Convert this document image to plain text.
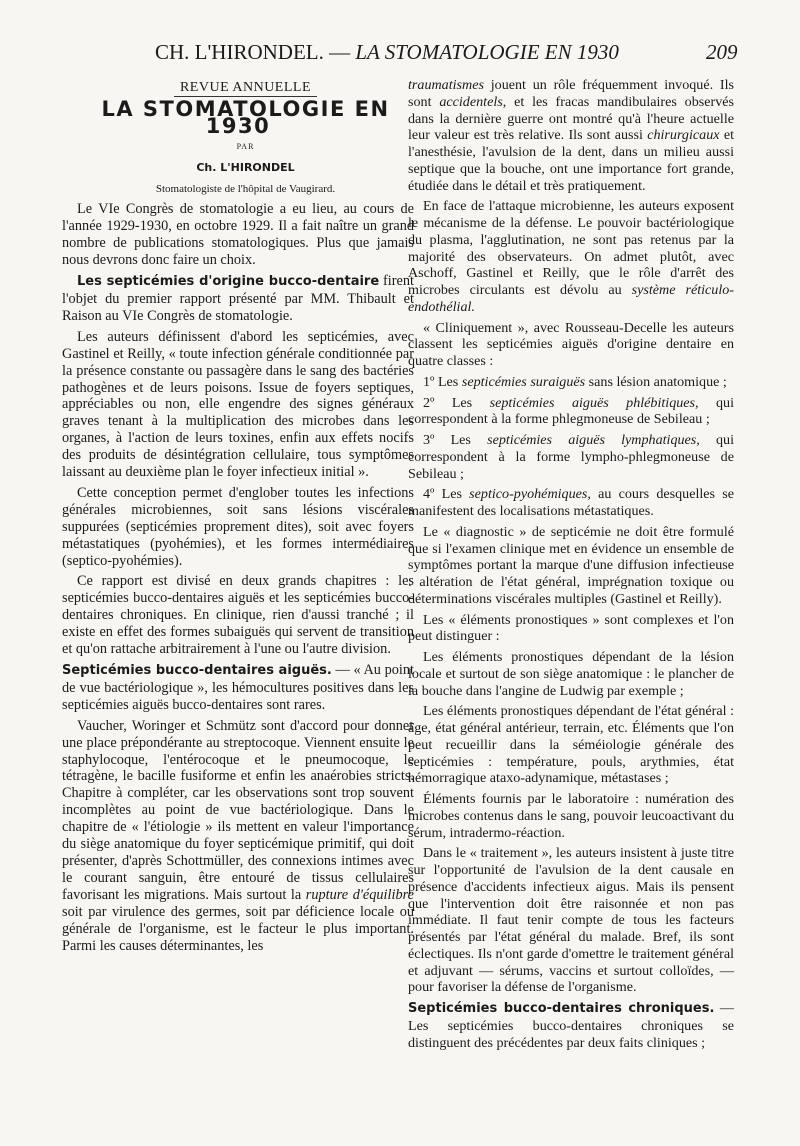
CH. L'HIRONDEL. — LA STOMATOLOGIE EN 1930	209

REVUE ANNUELLE

LA STOMATOLOGIE EN 1930

PAR

Ch. L'HIRONDEL

Stomatologiste de l'hôpital de Vaugirard.

Le VIe Congrès de stomatologie a eu lieu, au cours de l'année 1929-1930, en octobre 1929. Il a fait naître un grand nombre de publications stomatologiques. Plus que jamais nous devrons donc faire un choix.

Les septicémies d'origine bucco-dentaire firent l'objet du premier rapport présenté par MM. Thibault et Raison au VIe Congrès de stomatologie.

Les auteurs définissent d'abord les septicémies, avec Gastinel et Reilly, « toute infection générale conditionnée par la présence constante ou passagère dans le sang des bactéries pathogènes et de leurs poisons. Issue de foyers septiques, appréciables ou non, elle engendre des signes généraux graves tenant à la multiplication des microbes dans les organes, à l'action de leurs toxines, enfin aux effets nocifs des produits de désintégration cellulaire, tous symptômes laissant au deuxième plan le foyer infectieux initial ».

Cette conception permet d'englober toutes les infections générales microbiennes, soit sans lésions viscérales suppurées (septicémies proprement dites), soit avec foyers métastatiques (pyohémies), et les formes intermédiaires (septico-pyohémies).

Ce rapport est divisé en deux grands chapitres : les septicémies bucco-dentaires aiguës et les septicémies bucco-dentaires chroniques. En clinique, rien d'aussi tranché ; il existe en effet des formes subaiguës qui servent de transition et qu'on rattache arbitrairement à l'une ou l'autre division.

Septicémies bucco-dentaires aiguës. — « Au point de vue bactériologique », les hémocultures positives dans les septicémies aiguës bucco-dentaires sont rares.

Vaucher, Woringer et Schmütz sont d'accord pour donner une place prépondérante au streptocoque. Viennent ensuite le staphylocoque, l'entérocoque et le pneumocoque, le tétragène, le bacille fusiforme et enfin les anaérobies stricts. Chapitre à compléter, car les observations sont trop souvent incomplètes au point de vue bactériologique. Dans le chapitre de « l'étiologie » ils mettent en valeur l'importance du siège anatomique du foyer septicémique primitif, qui doit présenter, d'après Schottmüller, des connexions intimes avec le courant sanguin, être entouré de tissus cellulaires favorisant les migrations. Mais surtout la rupture d'équilibre soit par virulence des germes, soit par déficience locale ou générale de l'organisme, est le facteur le plus important. Parmi les causes déterminantes, les

traumatismes jouent un rôle fréquemment invoqué. Ils sont accidentels, et les fracas mandibulaires observés dans la dernière guerre ont montré qu'à l'heure actuelle leur valeur est très relative. Ils sont aussi chirurgicaux et l'anesthésie, l'avulsion de la dent, dans un milieu aussi septique que la bouche, ont une importance fort grande, étudiée dans le détail et très pratiquement.

En face de l'attaque microbienne, les auteurs exposent le mécanisme de la défense. Le pouvoir bactériologique du plasma, l'agglutination, ne sont pas retenus par la majorité des observateurs. On admet plutôt, avec Aschoff, Gastinel et Reilly, que le rôle d'arrêt des microbes circulants est dévolu au système réticulo-endothélial.

« Cliniquement », avec Rousseau-Decelle les auteurs classent les septicémies aiguës d'origine dentaire en quatre classes :

1º Les septicémies suraiguës sans lésion anatomique ;

2º Les septicémies aiguës phlébitiques, qui correspondent à la forme phlegmoneuse de Sebileau ;

3º Les septicémies aiguës lymphatiques, qui correspondent à la forme lympho-phlegmoneuse de Sebileau ;

4º Les septico-pyohémiques, au cours desquelles se manifestent des localisations métastatiques.

Le « diagnostic » de septicémie ne doit être formulé que si l'examen clinique met en évidence un ensemble de symptômes portant la marque d'une diffusion infectieuse : altération de l'état général, imprégnation toxique ou déterminations viscérales multiples (Gastinel et Reilly).

Les « éléments pronostiques » sont complexes et l'on peut distinguer :

Les éléments pronostiques dépendant de la lésion locale et surtout de son siège anatomique : le plancher de la bouche dans l'angine de Ludwig par exemple ;

Les éléments pronostiques dépendant de l'état général : âge, état général antérieur, terrain, etc. Éléments que l'on peut recueillir dans la séméiologie générale des septicémies : température, pouls, arythmies, état hémorragique ataxo-adynamique, métastases ;

Éléments fournis par le laboratoire : numération des microbes contenus dans le sang, pouvoir leucoactivant du sérum, intradermo-réaction.

Dans le « traitement », les auteurs insistent à juste titre sur l'opportunité de l'avulsion de la dent causale en présence d'accidents infectieux aigus. Mais ils pensent que l'intervention doit être raisonnée et non pas immédiate. Il faut tenir compte de tous les facteurs présentés par l'état général du malade. Bref, ils sont éclectiques. Ils n'ont garde d'omettre le traitement général et adjuvant — sérums, vaccins et surtout colloïdes, — pour favoriser la défense de l'organisme.

Septicémies bucco-dentaires chroniques. — Les septicémies bucco-dentaires chroniques se distinguent des précédentes par deux faits cliniques ;
